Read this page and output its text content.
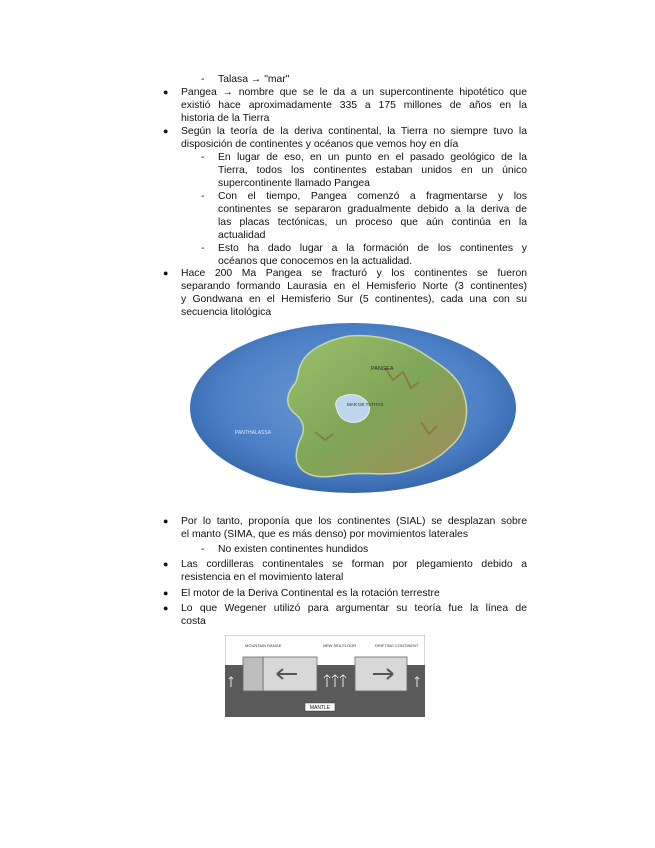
- Talasa → "mar"
● Pangea → nombre que se le da a un supercontinente hipotético que
existió hace aproximadamente 335 a 175 millones de años en la
historia de la Tierra
● Según la teoría de la deriva continental, la Tierra no siempre tuvo la
disposición de continentes y océanos que vemos hoy en día
- En lugar de eso, en un punto en el pasado geológico de la
Tierra, todos los continentes estaban unidos en un único
supercontinente llamado Pangea
- Con el tiempo, Pangea comenzó a fragmentarse y los
continentes se separaron gradualmente debido a la deriva de
las placas tectónicas, un proceso que aún continúa en la
actualidad
- Esto ha dado lugar a la formación de los continentes y
océanos que conocemos en la actualidad.
● Hace 200 Ma Pangea se fracturó y los continentes se fueron
separando formando Laurasia en el Hemisferio Norte (3 continentes)
y Gondwana en el Hemisferio Sur (5 continentes), cada una con su
secuencia litológica
PANGEA
MAR DE TETHYS
PANTHALASSA
● Por lo tanto, proponía que los continentes (SIAL) se desplazan sobre
el manto (SIMA, que es más denso) por movimientos laterales
- No existen continentes hundidos
● Las cordilleras continentales se forman por plegamiento debido a
resistencia en el movimiento lateral
● El motor de la Deriva Continental es la rotación terrestre
● Lo que Wegener utilizó para argumentar su teoría fue la línea de
costa
MANTLE
MOUNTAIN RANGE	NEW SEA FLOOR	DRIFTING CONTINENT
